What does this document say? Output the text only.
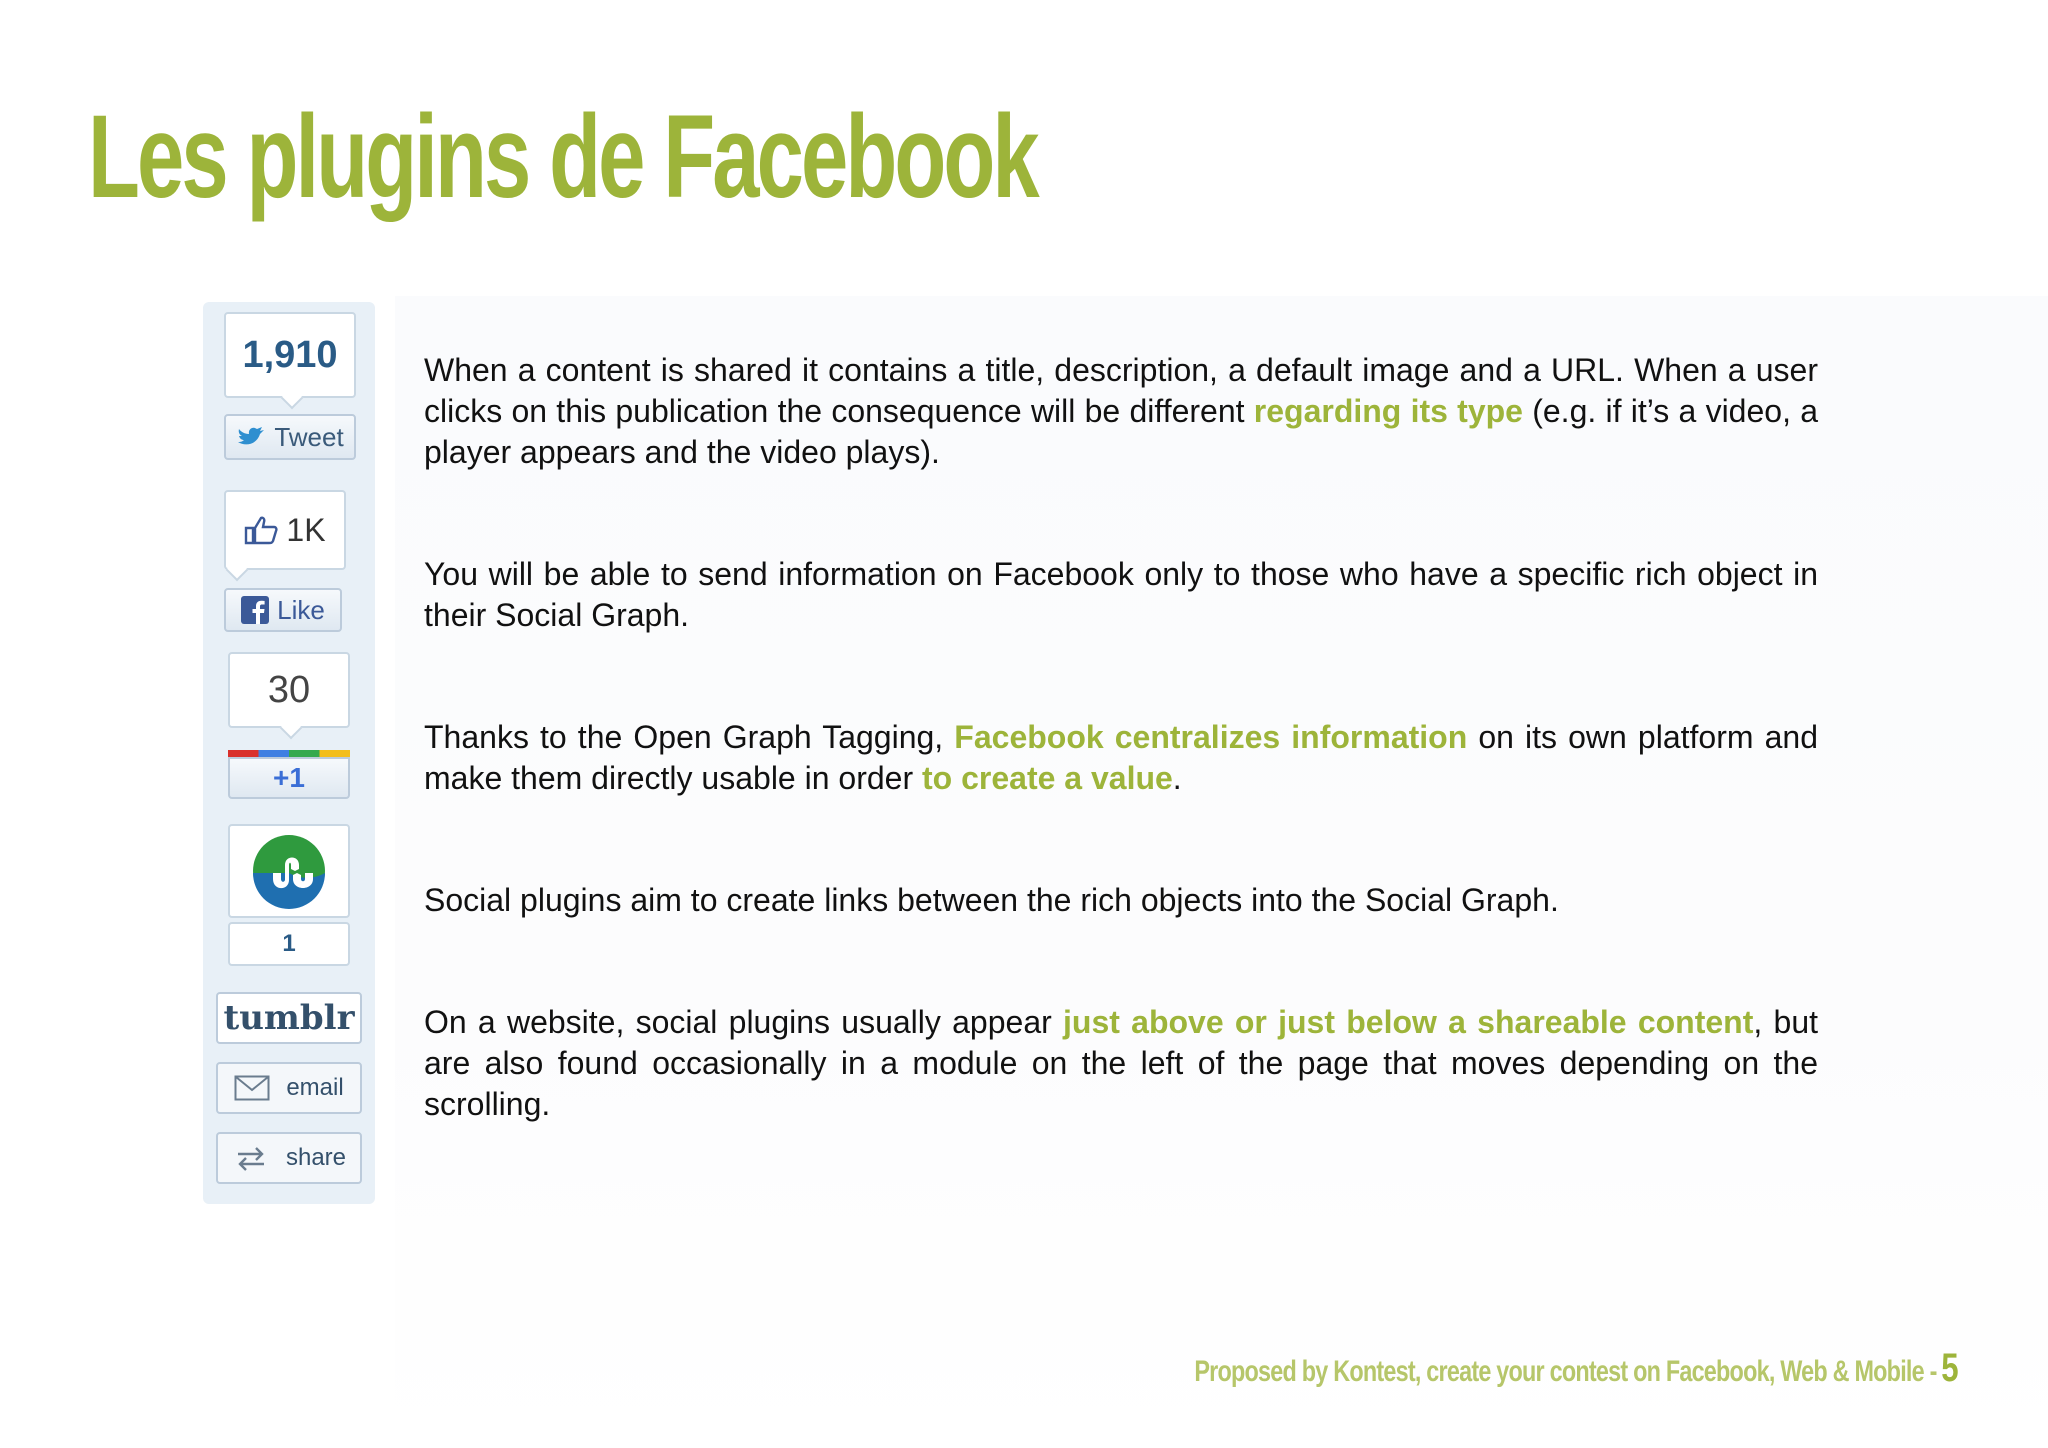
Les plugins de Facebook
1,910
Tweet
1K
Like
30
+1
1
tumblr
email
share

When a content is shared it contains a title, description, a default image and a URL. When a user clicks on this publication the consequence will be different regarding its type (e.g. if it’s a video, a player appears and the video plays).

You will be able to send information on Facebook only to those who have a specific rich object in their Social Graph.

Thanks to the Open Graph Tagging, Facebook centralizes information on its own platform and make them directly usable in order to create a value.

Social plugins aim to create links between the rich objects into the Social Graph.

On a website, social plugins usually appear just above or just below a shareable content, but are also found occasionally in a module on the left of the page that moves depending on the scrolling.

Proposed by Kontest, create your contest on Facebook, Web & Mobile - 5
